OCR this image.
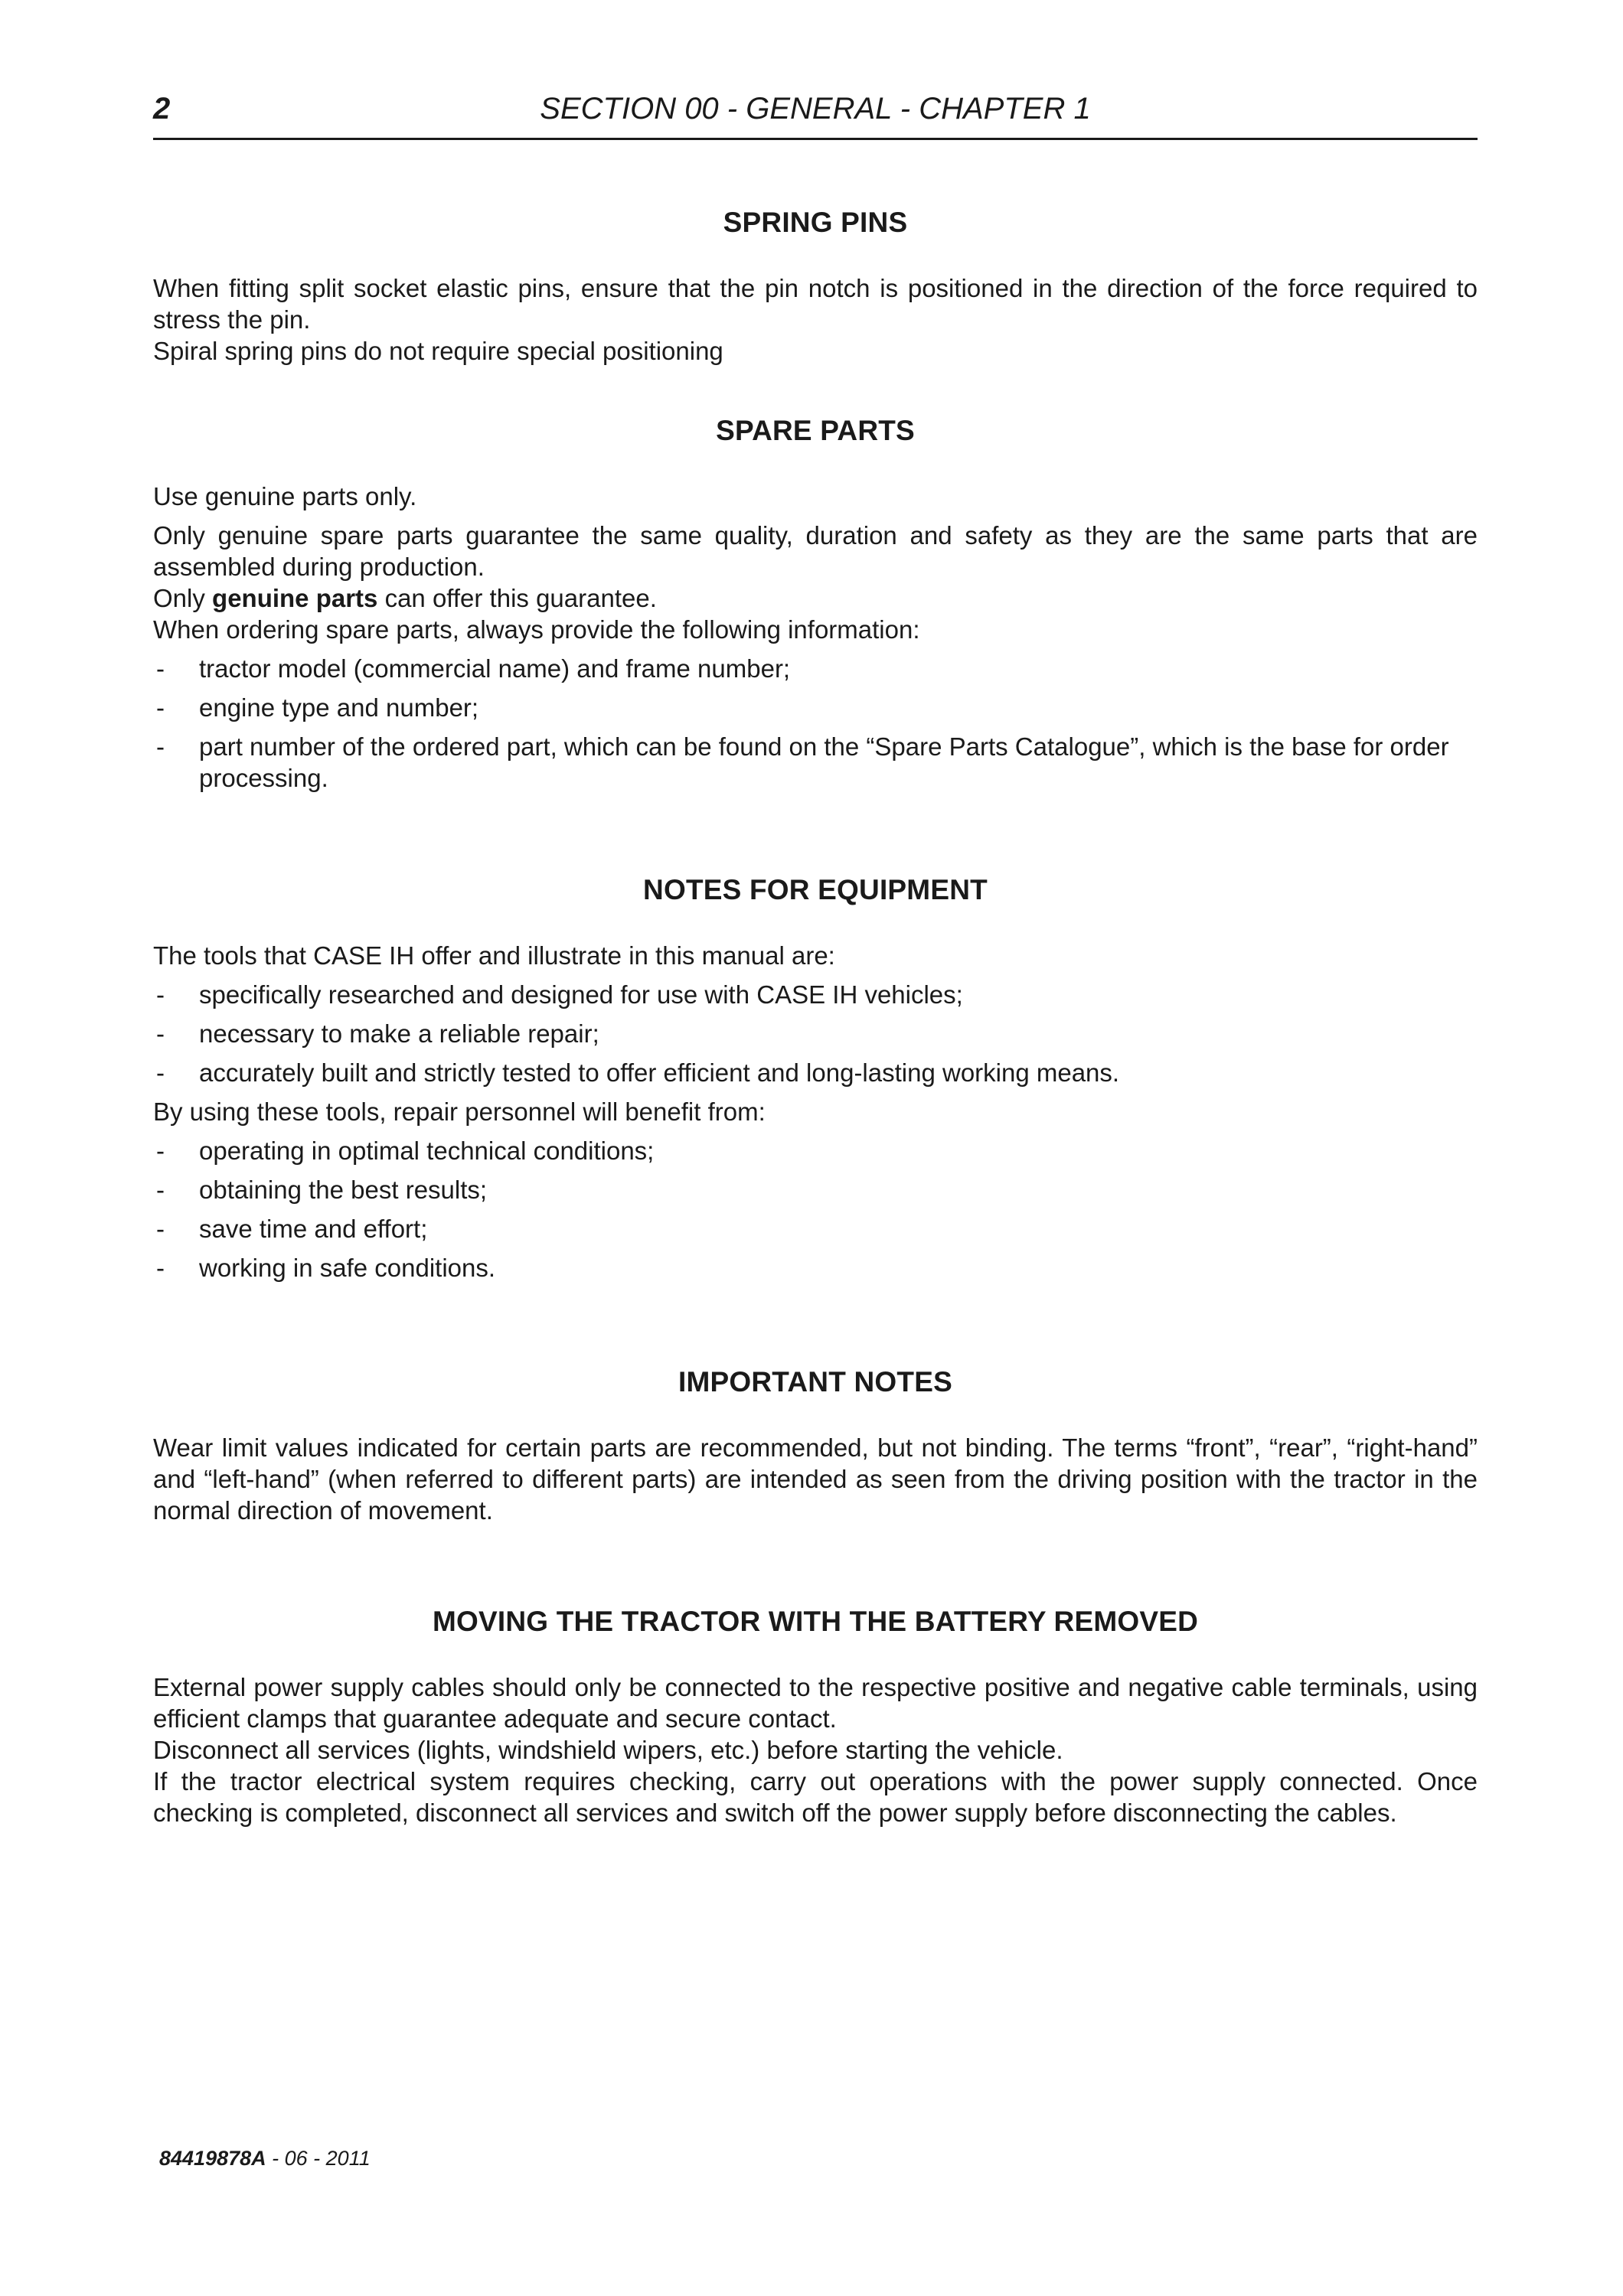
2	SECTION 00 - GENERAL - CHAPTER 1
SPRING PINS

When fitting split socket elastic pins, ensure that the pin notch is positioned in the direction of the force required to stress the pin.

Spiral spring pins do not require special positioning

SPARE PARTS

Use genuine parts only.

Only genuine spare parts guarantee the same quality, duration and safety as they are the same parts that are assembled during production.

Only genuine parts can offer this guarantee.

When ordering spare parts, always provide the following information:

- tractor model (commercial name) and frame number;
- engine type and number;
- part number of the ordered part, which can be found on the “Spare Parts Catalogue”, which is the base for order processing.
NOTES FOR EQUIPMENT

The tools that CASE IH offer and illustrate in this manual are:

- specifically researched and designed for use with CASE IH vehicles;
- necessary to make a reliable repair;
- accurately built and strictly tested to offer efficient and long-lasting working means.

By using these tools, repair personnel will benefit from:

- operating in optimal technical conditions;
- obtaining the best results;
- save time and effort;
- working in safe conditions.
IMPORTANT NOTES

Wear limit values indicated for certain parts are recommended, but not binding. The terms “front”, “rear”, “right-hand” and “left-hand” (when referred to different parts) are intended as seen from the driving position with the tractor in the normal direction of movement.

MOVING THE TRACTOR WITH THE BATTERY REMOVED

External power supply cables should only be connected to the respective positive and negative cable terminals, using efficient clamps that guarantee adequate and secure contact.

Disconnect all services (lights, windshield wipers, etc.) before starting the vehicle.

If the tractor electrical system requires checking, carry out operations with the power supply connected. Once checking is completed, disconnect all services and switch off the power supply before disconnecting the cables.

84419878A - 06 - 2011
